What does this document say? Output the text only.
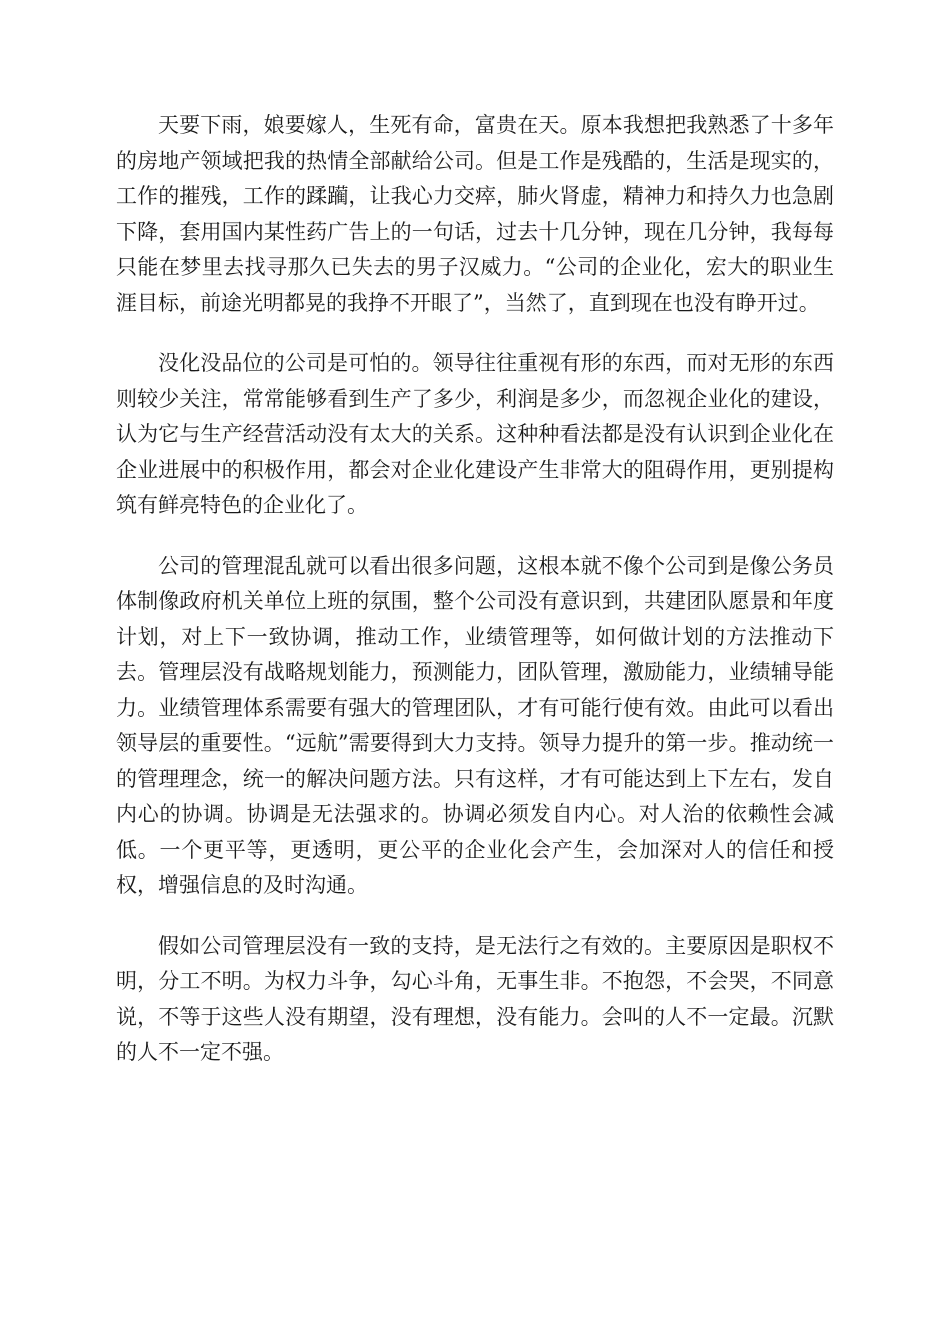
天要下雨，娘要嫁人，生死有命，富贵在天。原本我想把我熟悉了十多年的房地产领域把我的热情全部献给公司。但是工作是残酷的，生活是现实的，工作的摧残，工作的蹂躏，让我心力交瘁，肺火肾虚，精神力和持久力也急剧下降，套用国内某性药广告上的一句话，过去十几分钟，现在几分钟，我每每只能在梦里去找寻那久已失去的男子汉威力。“公司的企业化，宏大的职业生涯目标，前途光明都晃的我挣不开眼了”，当然了，直到现在也没有睁开过。

没化没品位的公司是可怕的。领导往往重视有形的东西，而对无形的东西则较少关注，常常能够看到生产了多少，利润是多少，而忽视企业化的建设，认为它与生产经营活动没有太大的关系。这种种看法都是没有认识到企业化在企业进展中的积极作用，都会对企业化建设产生非常大的阻碍作用，更别提构筑有鲜亮特色的企业化了。

公司的管理混乱就可以看出很多问题，这根本就不像个公司到是像公务员体制像政府机关单位上班的氛围，整个公司没有意识到，共建团队愿景和年度计划，对上下一致协调，推动工作，业绩管理等，如何做计划的方法推动下去。管理层没有战略规划能力，预测能力，团队管理，激励能力，业绩辅导能力。业绩管理体系需要有强大的管理团队，才有可能行使有效。由此可以看出领导层的重要性。“远航”需要得到大力支持。领导力提升的第一步。推动统一的管理理念，统一的解决问题方法。只有这样，才有可能达到上下左右，发自内心的协调。协调是无法强求的。协调必须发自内心。对人治的依赖性会减低。一个更平等，更透明，更公平的企业化会产生，会加深对人的信任和授权，增强信息的及时沟通。

假如公司管理层没有一致的支持，是无法行之有效的。主要原因是职权不明，分工不明。为权力斗争，勾心斗角，无事生非。不抱怨，不会哭，不同意说，不等于这些人没有期望，没有理想，没有能力。会叫的人不一定最。沉默的人不一定不强。
